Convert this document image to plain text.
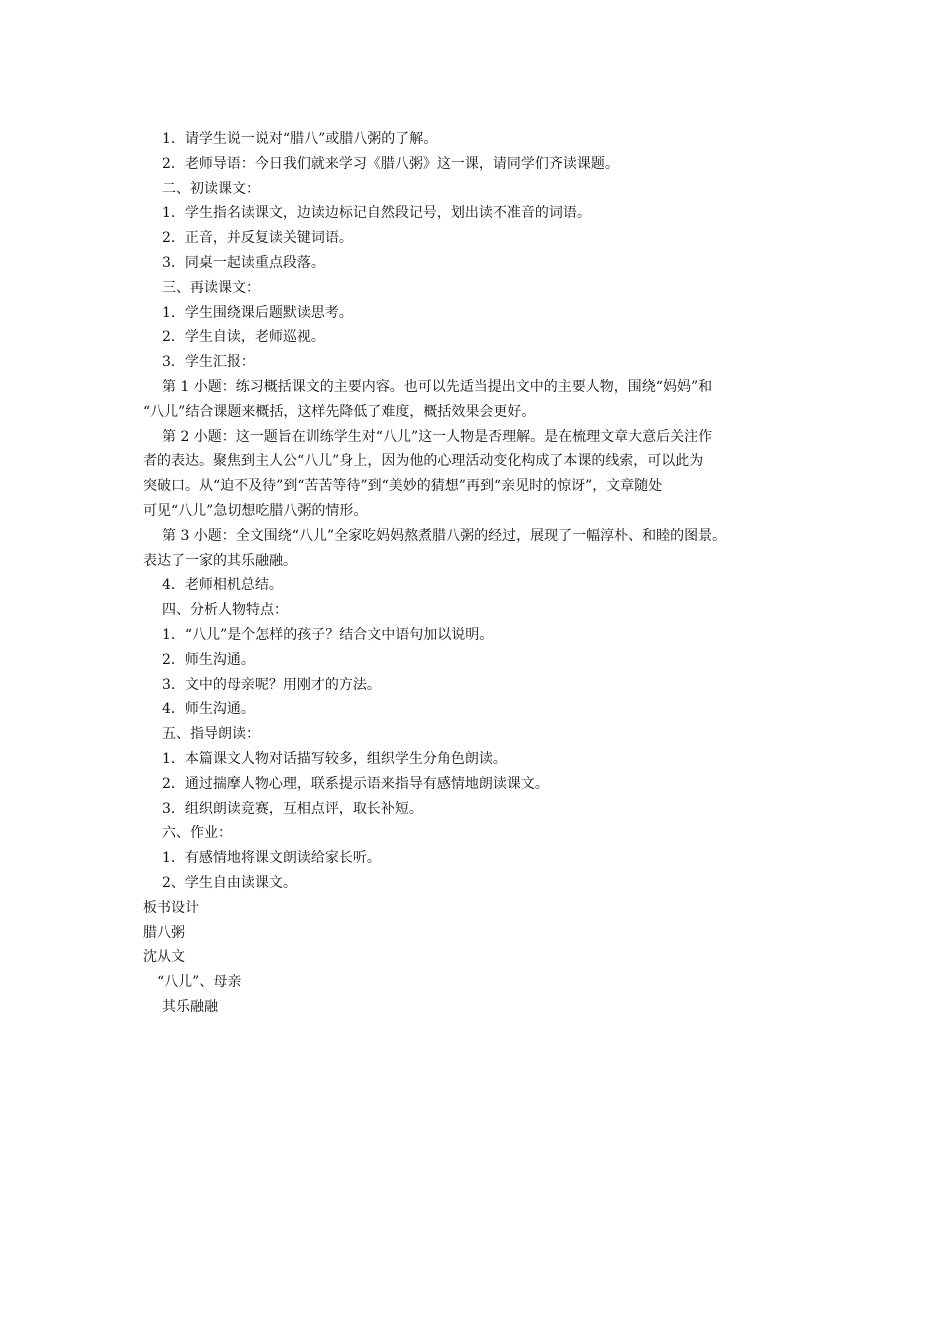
1．请学生说一说对“腊八”或腊八粥的了解。
2．老师导语：今日我们就来学习《腊八粥》这一课，请同学们齐读课题。
二、初读课文：
1．学生指名读课文，边读边标记自然段记号，划出读不准音的词语。
2．正音，并反复读关键词语。
3．同桌一起读重点段落。
三、再读课文：
1．学生围绕课后题默读思考。
2．学生自读，老师巡视。
3．学生汇报：
第 1 小题：练习概括课文的主要内容。也可以先适当提出文中的主要人物，围绕“妈妈”和
“八儿”结合课题来概括，这样先降低了难度，概括效果会更好。
第 2 小题：这一题旨在训练学生对“八儿”这一人物是否理解。是在梳理文章大意后关注作
者的表达。聚焦到主人公“八儿”身上，因为他的心理活动变化构成了本课的线索，可以此为
突破口。从“迫不及待”到“苦苦等待”到“美妙的猜想”再到“亲见时的惊讶”，文章随处
可见“八儿”急切想吃腊八粥的情形。
第 3 小题：全文围绕“八儿”全家吃妈妈熬煮腊八粥的经过，展现了一幅淳朴、和睦的图景。
表达了一家的其乐融融。
4．老师相机总结。
四、分析人物特点：
1．“八儿”是个怎样的孩子？结合文中语句加以说明。
2．师生沟通。
3．文中的母亲呢？用刚才的方法。
4．师生沟通。
五、指导朗读：
1．本篇课文人物对话描写较多，组织学生分角色朗读。
2．通过揣摩人物心理，联系提示语来指导有感情地朗读课文。
3．组织朗读竞赛，互相点评，取长补短。
六、作业：
1．有感情地将课文朗读给家长听。
2、学生自由读课文。
板书设计
腊八粥
沈从文
“八儿”、母亲
其乐融融
